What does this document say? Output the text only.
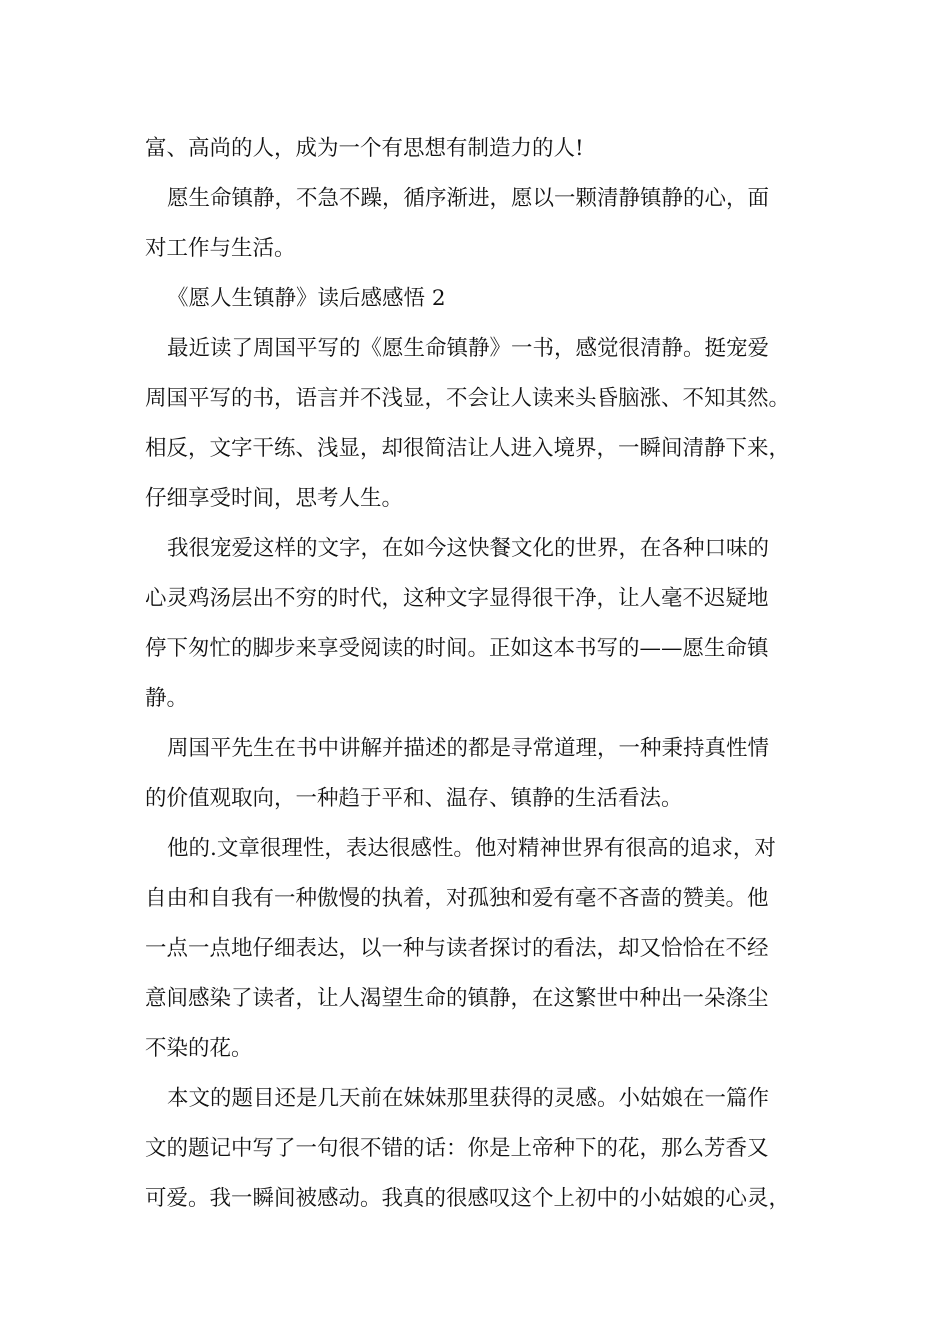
富、高尚的人，成为一个有思想有制造力的人!
愿生命镇静，不急不躁，循序渐进，愿以一颗清静镇静的心，面
对工作与生活。
《愿人生镇静》读后感感悟 2
最近读了周国平写的《愿生命镇静》一书，感觉很清静。挺宠爱
周国平写的书，语言并不浅显，不会让人读来头昏脑涨、不知其然。
相反，文字干练、浅显，却很简洁让人进入境界，一瞬间清静下来，
仔细享受时间，思考人生。
我很宠爱这样的文字，在如今这快餐文化的世界，在各种口味的
心灵鸡汤层出不穷的时代，这种文字显得很干净，让人毫不迟疑地
停下匆忙的脚步来享受阅读的时间。正如这本书写的——愿生命镇
静。
周国平先生在书中讲解并描述的都是寻常道理，一种秉持真性情
的价值观取向，一种趋于平和、温存、镇静的生活看法。
他的.文章很理性，表达很感性。他对精神世界有很高的追求，对
自由和自我有一种傲慢的执着，对孤独和爱有毫不吝啬的赞美。他
一点一点地仔细表达，以一种与读者探讨的看法，却又恰恰在不经
意间感染了读者，让人渴望生命的镇静，在这繁世中种出一朵涤尘
不染的花。
本文的题目还是几天前在妹妹那里获得的灵感。小姑娘在一篇作
文的题记中写了一句很不错的话：你是上帝种下的花，那么芳香又
可爱。我一瞬间被感动。我真的很感叹这个上初中的小姑娘的心灵，
